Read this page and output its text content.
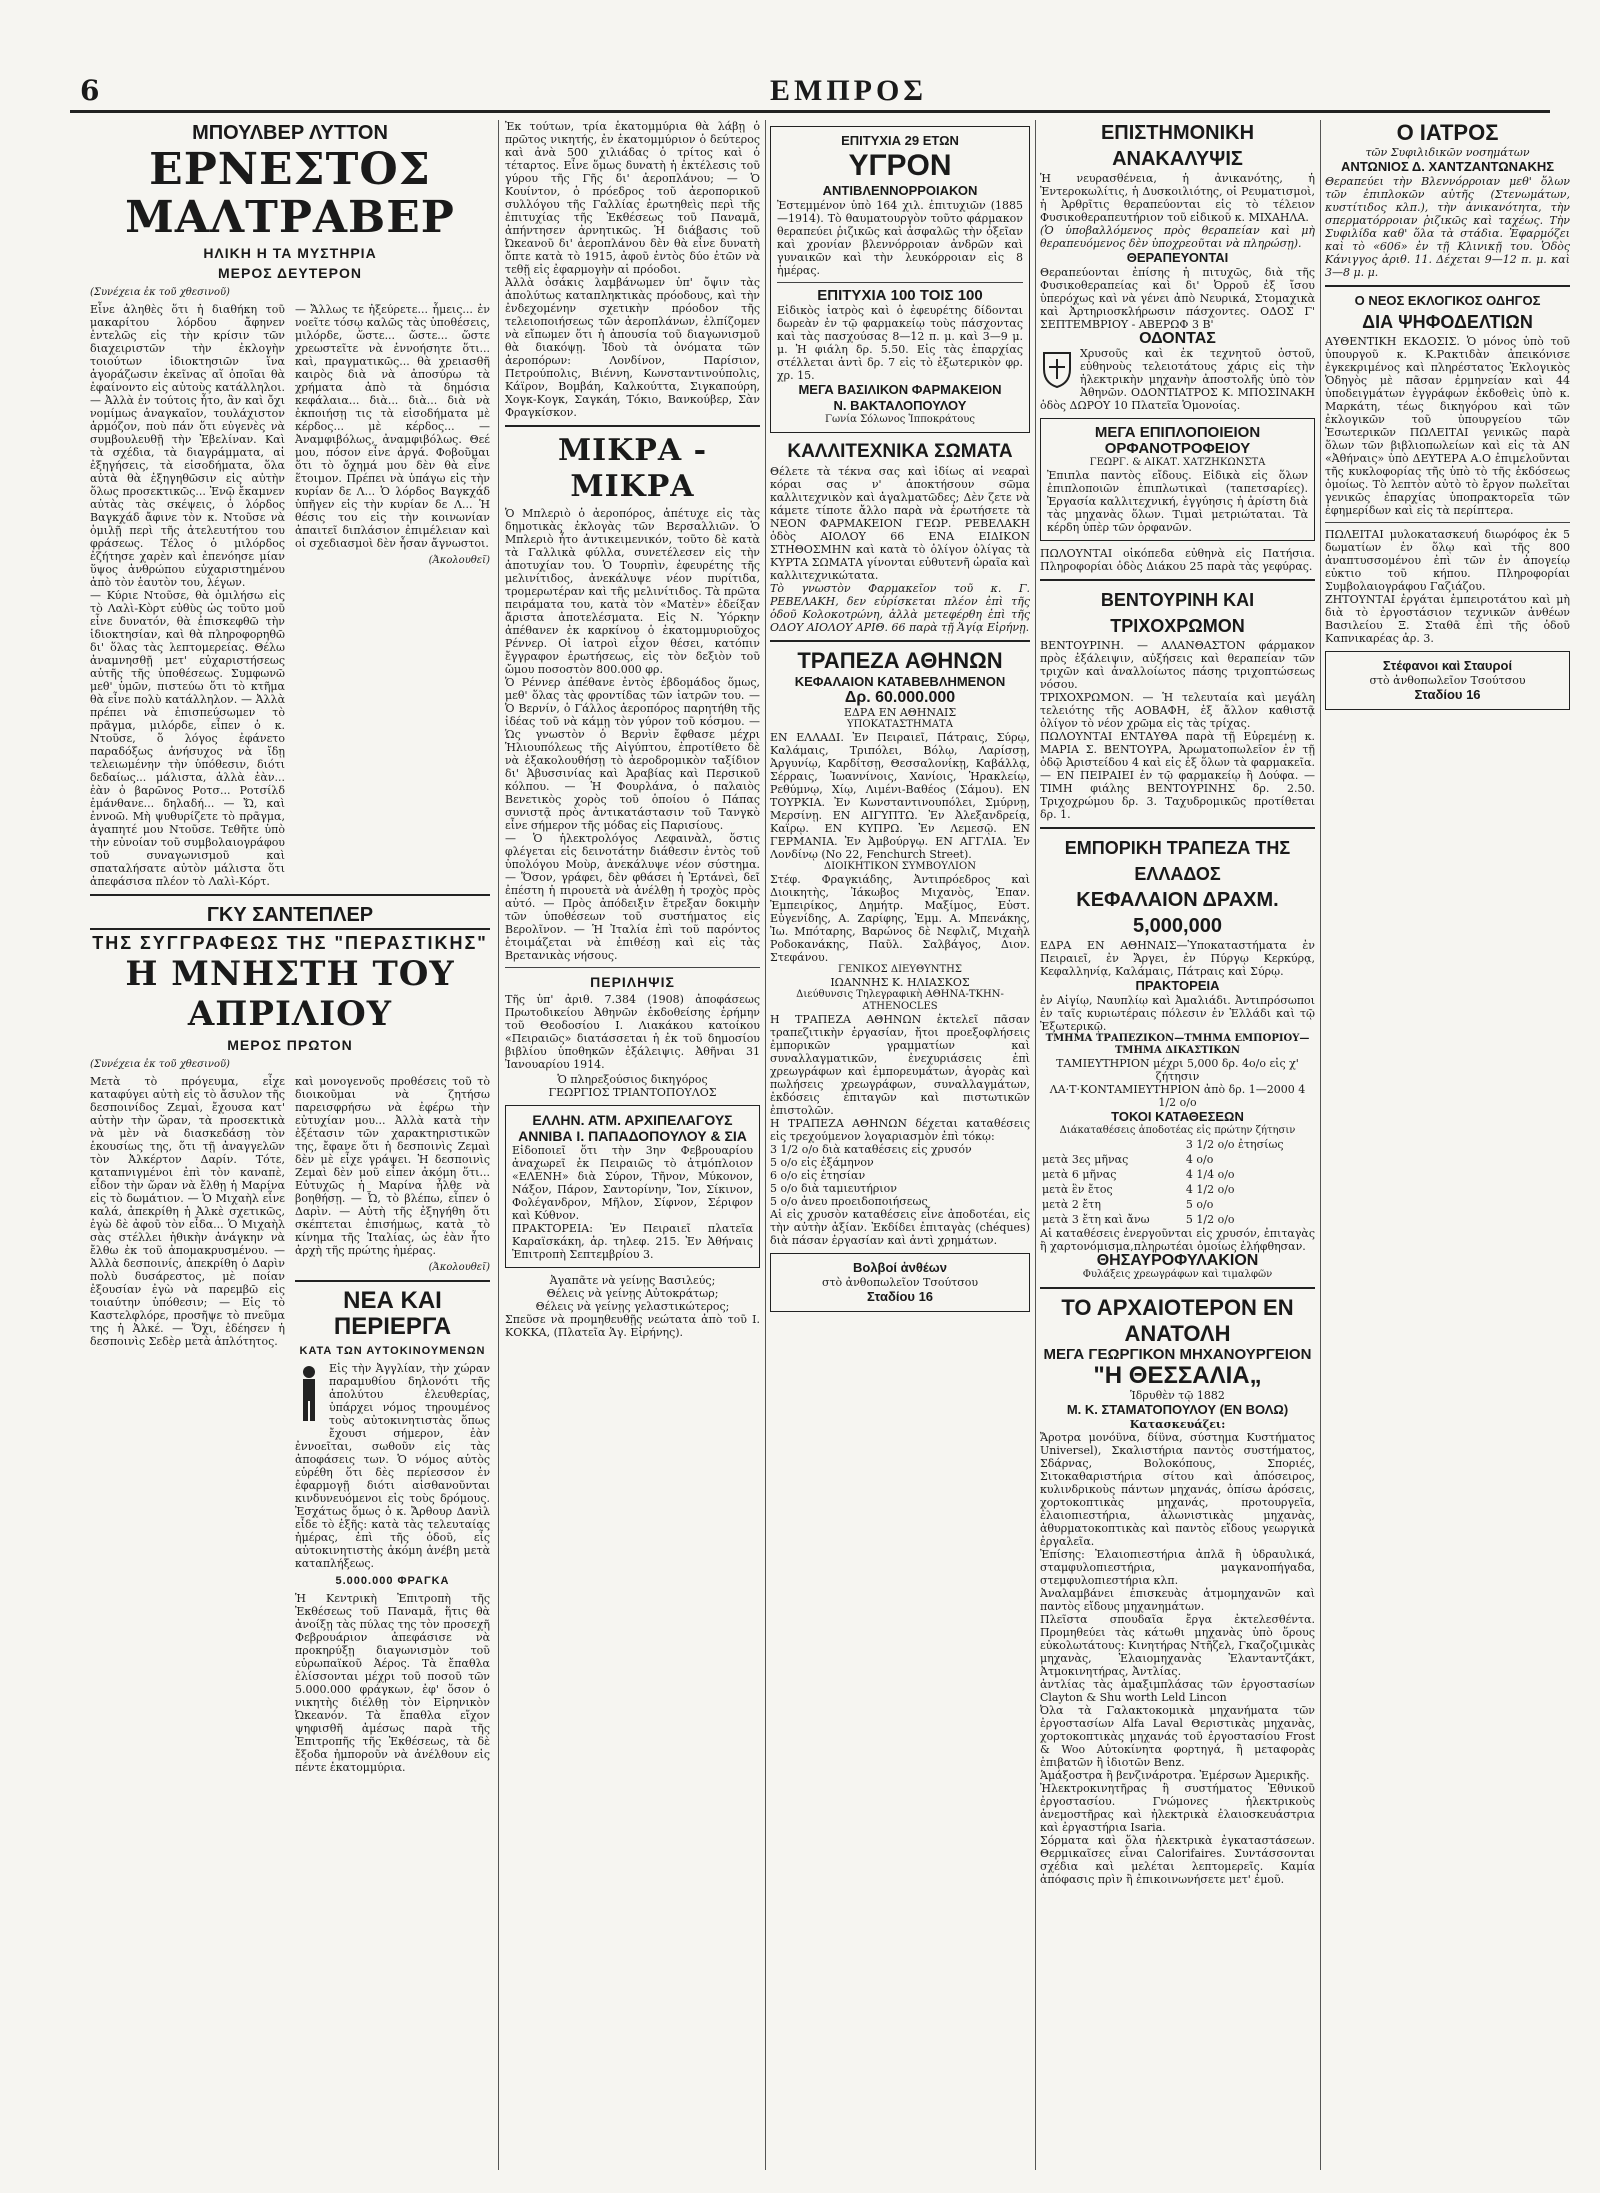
6	ΕΜΠΡΟΣ
ΜΠΟΥΛΒΕΡ ΛΥΤΤΟΝ
ΕΡΝΕΣΤΟΣ ΜΑΛΤΡΑΒΕΡ
ΗΛΙΚΗ Η ΤΑ ΜΥΣΤΗΡΙΑ
ΜΕΡΟΣ ΔΕΥΤΕΡΟΝ
(Συνέχεια ἐκ τοῦ χθεσινοῦ)

Εἶνε ἀληθὲς ὅτι ἡ διαθήκη τοῦ μακαρίτου λόρδου ἄφηνεν ἐντελῶς εἰς τὴν κρίσιν τῶν διαχειριστῶν τὴν ἐκλογὴν τοιούτων ἰδιοκτησιῶν ἵνα ἀγοράζωσιν ἐκεῖνας αἵ ὁποῖαι θὰ ἐφαίνοντο εἰς αὐτοὺς κατάλληλοι. — Ἀλλὰ ἐν τούτοις ἦτο, ἂν καὶ ὄχι νομίμως ἀναγκαῖον, τουλάχιστον ἁρμόζον, ποὺ πάν ὅτι εὐγενὲς νὰ συμβουλευθῇ τὴν Ἐβελίναν. Καὶ τὰ σχέδια, τὰ διαγράμματα, αἱ ἐξηγήσεις, τὰ εἰσοδήματα, ὅλα αὐτὰ θὰ ἐξηγηθῶσιν εἰς αὐτὴν ὅλως προσεκτικῶς... Ἐνῷ ἔκαμνεν αὐτὰς τὰς σκέψεις, ὁ λόρδος Βαγκχάδ ἄφινε τὸν κ. Ντοῦσε νὰ ὁμιλῇ περὶ τῆς ἀτελευτήτου του φράσεως. Τέλος ὁ μιλόρδος ἐζήτησε χαρὲν καὶ ἐπενόησε μίαν ὕψος ἀνθρώπου εὐχαριστημένου ἀπὸ τὸν ἑαυτὸν του, λέγων.

— Κύριε Ντοῦσε, θὰ ὁμιλήσω εἰς τὸ Λαλὶ-Κὸρτ εὐθὺς ὡς τοῦτο μοῦ εἶνε δυνατόν, θὰ ἐπισκεφθῶ τὴν ἰδιοκτησίαν, καὶ θὰ πληροφορηθῶ δι' ὅλας τὰς λεπτομερείας. Θέλω ἀναμνησθῇ μετ' εὐχαριστήσεως αὐτῆς τῆς ὑποθέσεως. Συμφωνῶ μεθ' ὑμῶν, πιστεύω ὅτι τὸ κτῆμα θὰ εἶνε πολὺ κατάλληλον. — Ἀλλὰ πρέπει νὰ ἐπισπεύσωμεν τὸ πρᾶγμα, μιλόρδε, εἶπεν ὁ κ. Ντοῦσε, ὅ λόγος ἐφάνετο παραδόξως ἀνήσυχος νὰ ἴδῃ τελειωμένην τὴν ὑπόθεσιν, διότι δεδαίως... μάλιστα, ἀλλὰ ἐὰν... ἐὰν ὁ βαρῶνος Ροτσ... Ροτσίλδ ἐμάνθανε... δηλαδή... — Ὤ, καὶ ἐννοῶ. Μὴ ψυθυρίζετε τὸ πρᾶγμα, ἀγαπητέ μου Ντοῦσε. Τεθῆτε ὑπὸ τὴν εὐνοίαν τοῦ συμβολαιογράφου τοῦ συναγωνισμοῦ καὶ σπαταλήσατε αὐτὸν μάλιστα ὅτι ἀπεφάσισα πλέον τὸ Λαλὶ-Κόρτ.

— Ἄλλως τε ἠξεύρετε... ἦμεις... ἐν νοεῖτε τόσῳ καλῶς τὰς ὑποθέσεις, μιλόρδε, ὥστε... ὥστε... ὥστε χρεωστεῖτε νὰ ἐννοήσητε ὅτι... καὶ, πραγματικῶς... θὰ χρειασθῆ καιρὸς διὰ νὰ ἀποσύρω τὰ χρήματα ἀπὸ τὰ δημόσια κεφάλαια... διὰ... διὰ... διὰ νὰ ἐκποιήσῃ τις τὰ εἰσοδήματα μὲ κέρδος... μὲ κέρδος... — Ἀναμφιβόλως, ἀναμφιβόλως. Θεέ μου, πόσον εἶνε ἀργά. Φοβοῦμαι ὅτι τὸ ὄχημά μου δὲν θὰ εἶνε ἕτοιμον. Πρέπει νὰ ὑπάγω εἰς τὴν κυρίαν δε Λ... Ὁ λόρδος Βαγκχάδ ὑπῆγεν εἰς τὴν κυρίαν δε Λ... Ἡ θέσις του εἰς τὴν κοινωνίαν ἀπαιτεῖ διπλάσιον ἐπιμέλειαν καὶ οἱ σχεδιασμοὶ δὲν ἦσαν ἄγνωστοι.

(Ἀκολουθεῖ)
ΓΚΥ ΣΑΝΤΕΠΛΕΡ
ΤΗΣ ΣΥΓΓΡΑΦΕΩΣ ΤΗΣ "ΠΕΡΑΣΤΙΚΗΣ"
Η ΜΝΗΣΤΗ ΤΟΥ ΑΠΡΙΛΙΟΥ
ΜΕΡΟΣ ΠΡΩΤΟΝ
(Συνέχεια ἐκ τοῦ χθεσινοῦ)

Μετὰ τὸ πρόγευμα, εἶχε καταφύγει αὐτὴ εἰς τὸ ἄσυλον τῆς δεσποινίδος Ζεμαὶ, ἔχουσα κατ' αὐτὴν τὴν ὥραν, τὰ προσεκτικὰ νὰ μὲν νὰ διασκεδάσῃ τὸν ἑκουσίως της, ὅτι τῇ ἀναγγελῶν τὸν Ἀλκέρτον Δαρίν. Τότε, καταπνιγμένοι ἐπὶ τὸν καναπὲ, εἶδον τὴν ὥραν νὰ ἔλθῃ ἡ Μαρίνα εἰς τὸ δωμάτιον. — Ὁ Μιχαὴλ εἶνε καλά, ἀπεκρίθη ἡ Ἀλκὲ σχετικῶς, ἐγὼ δὲ ἀφοῦ τὸν εἶδα... Ὁ Μιχαὴλ σὰς στέλλει ἠθικὴν ἀνάγκην νὰ ἔλθω ἐκ τοῦ ἀπομακρυσμένου. — Ἀλλὰ δεσποινίς, ἀπεκρίθη ὁ Δαρὶν πολὺ δυσάρεστος, μὲ ποίαν ἐξουσίαν ἐγὼ νὰ παρεμβῶ εἰς τοιαύτην ὑπόθεσιν; — Εἰς τὸ Καστελφλόρε, προσῆψε τὸ πνεῦμα της ἡ Ἀλκέ. — Ὄχι, ἐδέησεν ἡ δεσποινὶς Σεδὲρ μετὰ ἁπλότητος.

καὶ μονογενοῦς προθέσεις τοῦ τὸ διοικοῦμαι νὰ ζητήσω παρεισφρήσω νὰ ἐφέρω τὴν εὐτυχίαν μου... Ἀλλὰ κατὰ τὴν ἐξέτασιν τῶν χαρακτηριστικῶν της, ἔφανε ὅτι ἡ δεσποινὶς Ζεμαὶ δὲν μὲ εἶχε γράψει. Ἡ δεσποινὶς Ζεμαὶ δὲν μοῦ εἶπεν ἀκόμη ὅτι... Εὐτυχῶς ἡ Μαρίνα ἦλθε νὰ βοηθήσῃ. — Ὦ, τὸ βλέπω, εἶπεν ὁ Δαρὶν. — Αὐτὴ τῆς ἐξηγήθη ὅτι σκέπτεται ἐπισήμως, κατὰ τὸ κίνημα τῆς Ἱταλίας, ὡς ἐὰν ἦτο ἀρχὴ τῆς πρώτης ἡμέρας.

(Ἀκολουθεῖ)
ΝΕΑ ΚΑΙ ΠΕΡΙΕΡΓΑ
ΚΑΤΑ ΤΩΝ ΑΥΤΟΚΙΝΟΥΜΕΝΩΝ

Εἰς τὴν Ἀγγλίαν, τὴν χώραν παραμυθίου δηλονότι τῆς ἀπολύτου ἐλευθερίας, ὑπάρχει νόμος τηρουμένος τοὺς αὐτοκινητιστὰς ὅπως ἔχουσι σήμερον, ἐὰν ἐννοεῖται, σωθοῦν εἰς τὰς ἀποφάσεις των. Ὁ νόμος αὐτὸς εὑρέθη ὅτι δὲς περίεσσον ἐν ἐφαρμογῇ διότι αἰσθανοῦνται κινδυνευόμενοι εἰς τοὺς δρόμους. Ἐσχάτως ὅμως ὁ κ. Ἄρθουρ Δανὶλ εἶδε τὸ ἑξῆς: κατὰ τὰς τελευταίας ἡμέρας, ἐπὶ τῆς ὁδοῦ, εἷς αὐτοκινητιστὴς ἀκόμη ἀνέβη μετὰ καταπλήξεως.

5.000.000 ΦΡΑΓΚΑ

Ἡ Κεντρικὴ Ἐπιτροπὴ τῆς Ἐκθέσεως τοῦ Παναμᾶ, ἥτις θὰ ἀνοίξῃ τὰς πύλας της τὸν προσεχῆ Φεβρουάριον ἀπεφάσισε νὰ προκηρύξῃ διαγωνισμὸν τοῦ εὐρωπαϊκοῦ Ἀέρος. Τὰ ἔπαθλα ἐλίσσονται μέχρι τοῦ ποσοῦ τῶν 5.000.000 φράγκων, ἐφ' ὅσον ὁ νικητὴς διέλθῃ τὸν Εἰρηνικὸν Ὠκεανόν. Τὰ ἔπαθλα εἴχον ψηφισθῆ ἀμέσως παρὰ τῆς Ἐπιτροπῆς τῆς Ἐκθέσεως, τὰ δὲ ἔξοδα ἠμποροῦν νὰ ἀνέλθουν εἰς πέντε ἑκατομμύρια.

Ἐκ τούτων, τρία ἑκατομμύρια θὰ λάβῃ ὁ πρῶτος νικητής, ἐν ἑκατομμύριον ὁ δεύτερος καὶ ἀνὰ 500 χιλιάδας ὁ τρίτος καὶ ὁ τέταρτος. Εἶνε ὅμως δυνατὴ ἡ ἐκτέλεσις τοῦ γύρου τῆς Γῆς δι' ἀεροπλάνου; — Ὁ Κουίντον, ὁ πρόεδρος τοῦ ἀεροπορικοῦ συλλόγου τῆς Γαλλίας ἐρωτηθεὶς περὶ τῆς ἐπιτυχίας τῆς Ἐκθέσεως τοῦ Παναμᾶ, ἀπήντησεν ἀρνητικῶς. Ἡ διάβασις τοῦ Ὠκεανοῦ δι' ἀεροπλάνου δὲν θὰ εἶνε δυνατὴ ὄπτε κατὰ τὸ 1915, ἀφοῦ ἐντὸς δύο ἐτῶν νὰ τεθῇ εἰς ἐφαρμογὴν αἱ πρόοδοι.

Ἀλλὰ ὁσάκις λαμβάνωμεν ὑπ' ὄψιν τὰς ἀπολύτως καταπληκτικὰς πρόοδους, καὶ τὴν ἐνδεχομένην σχετικὴν πρόοδον τῆς τελειοποιήσεως τῶν ἀεροπλάνων, ἐλπίζομεν νὰ εἴπωμεν ὅτι ἡ ἀπουσία τοῦ διαγωνισμοῦ θὰ διακόψῃ. Ἰδοὺ τὰ ὀνόματα τῶν ἀεροπόρων: Λονδίνον, Παρίσιον, Πετρούπολις, Βιέννη, Κωνσταντινούπολις, Κάϊρον, Βομβάη, Καλκούττα, Σιγκαπούρη, Χογκ-Κογκ, Σαγκάη, Τόκιο, Βανκούβερ, Σὰν Φραγκίσκον.

ΜΙΚΡΑ - ΜΙΚΡΑ

Ὁ Μπλεριὸ ὁ ἀεροπόρος, ἀπέτυχε εἰς τὰς δημοτικὰς ἐκλογὰς τῶν Βερσαλλιῶν. Ὁ Μπλεριὸ ἦτο ἀντικειμενικόν, τοῦτο δὲ κατὰ τὰ Γαλλικὰ φύλλα, συνετέλεσεν εἰς τὴν ἀποτυχίαν του. Ὁ Τουρπὶν, ἐφευρέτης τῆς μελινίτιδος, ἀνεκάλυψε νέον πυρίτιδα, τρομερωτέραν καὶ τῆς μελινίτιδος. Τὰ πρῶτα πειράματα του, κατὰ τὸν «Ματὲν» ἐδείξαν ἄριστα ἀποτελέσματα. Εἰς Ν. Ὑόρκην ἀπέθανεν ἐκ καρκίνου ὁ ἑκατομμυριοῦχος Ρέννερ. Οἱ ἰατροὶ εἶχον θέσει, κατόπιν ἔγγραφον ἐρωτήσεως, εἰς τὸν δεξιὸν τοῦ ὤμου ποσοστὸν 800.000 φρ.

Ὁ Ρέννερ ἀπέθανε ἐντὸς ἑβδομάδος ὅμως, μεθ' ὅλας τὰς φροντίδας τῶν ἰατρῶν του. — Ὁ Βερνίν, ὁ Γάλλος ἀεροπόρος παρητήθη τῆς ἰδέας τοῦ νὰ κάμῃ τὸν γύρον τοῦ κόσμου. — Ὡς γνωστὸν ὁ Βερνὶν ἔφθασε μέχρι Ἡλιουπόλεως τῆς Αἰγύπτου, ἐπροτίθετο δὲ νὰ ἐξακολουθήσῃ τὸ ἀεροδρομικὸν ταξίδιον δι' Ἀβυσσινίας καὶ Ἀραβίας καὶ Περσικοῦ κόλπου. — Ἡ Φουρλάνα, ὁ παλαιὸς Βενετικὸς χορὸς τοῦ ὁποίου ὁ Πάπας συνιστᾷ πρὸς ἀντικατάστασιν τοῦ Τανγκὸ εἶνε σήμερον τῆς μόδας εἰς Παρισίους.

— Ὁ ἠλεκτρολόγος Λεφαινὰλ, ὅστις φλέγεται εἰς δεινοτάτην διάθεσιν ἐντὸς τοῦ ὑπολόγου Μοὺρ, ἀνεκάλυψε νέον σύστημα. — Ὅσον, γράφει, δὲν φθάσει ἡ Ἐρτάνεὶ, δεῖ ἐπέστη ἡ πιρουετὰ νὰ ἀνέλθῃ ἡ τροχὸς πρὸς αὐτό. — Πρὸς ἀπόδειξιν ἔτρεξαν δοκιμὴν τῶν ὑποθέσεων τοῦ συστήματος εἰς Βερολῖνον. — Ἡ Ἰταλία ἐπὶ τοῦ παρόντος ἐτοιμάζεται νὰ ἐπιθέσῃ καὶ εἰς τὰς Βρετανικὰς νήσους.

ΠΕΡΙΛΗΨΙΣ

Τῆς ὑπ' ἀριθ. 7.384 (1908) ἀποφάσεως Πρωτοδικείου Ἀθηνῶν ἐκδοθείσης ἐρήμην τοῦ Θεοδοσίου Ι. Λιακάκου κατοίκου «Πειραιῶς» διατάσσεται ἡ ἐκ τοῦ δημοσίου βιβλίου ὑποθηκῶν ἐξάλειψις. Ἀθῆναι 31 Ἰανουαρίου 1914.

Ὁ πληρεξούσιος δικηγόρος
ΓΕΩΡΓΙΟΣ ΤΡΙΑΝΤΟΠΟΥΛΟΣ

ΕΛΛΗΝ. ΑΤΜ. ΑΡΧΙΠΕΛΑΓΟΥΣ
ΑΝΝΙΒΑ Ι. ΠΑΠΑΔΟΠΟΥΛΟΥ & ΣΙΑ

Εἰδοποιεῖ ὅτι τὴν 3ην Φεβρουαρίου ἀναχωρεῖ ἐκ Πειραιῶς τὸ ἀτμόπλοιον «ΕΛΕΝΗ» διὰ Σύρον, Τῆνον, Μύκονον, Νάξον, Πάρον, Σαντορίνην, Ἴον, Σίκινον, Φολέγανδρον, Μῆλον, Σίφνον, Σέριφον καὶ Κύθνον.

ΠΡΑΚΤΟΡΕΙΑ: Ἐν Πειραιεῖ πλατεῖα Καραϊσκάκη, ἀρ. τηλεφ. 215. Ἐν Ἀθήναις Ἐπιτροπὴ Σεπτεμβρίου 3.

Ἀγαπᾶτε νὰ γείνῃς Βασιλεύς;
Θέλεις νὰ γείνῃς Αὐτοκράτωρ;
Θέλεις νὰ γείνῃς γελαστικώτερος;

Σπεῦσε νὰ προμηθευθῇς νεώτατα ἀπὸ τοῦ Ι. ΚΟΚΚΑ, (Πλατεῖα Ἁγ. Εἰρήνης).

ΕΠΙΤΥΧΙΑ 29 ΕΤΩΝ
ΥΓΡΟΝ
ΑΝΤΙΒΛΕΝΝΟΡΡΟΙΑΚΟΝ

Ἐστεμμένον ὑπὸ 164 χιλ. ἐπιτυχιῶν (1885—1914). Τὸ θαυματουργὸν τοῦτο φάρμακον θεραπεύει ῥιζικῶς καὶ ἀσφαλῶς τὴν ὀξεῖαν καὶ χρονίαν βλεννόρροιαν ἀνδρῶν καὶ γυναικῶν καὶ τὴν λευκόρροιαν εἰς 8 ἡμέρας.

ΕΠΙΤΥΧΙΑ 100 ΤΟΙΣ 100

Εἰδικὸς ἰατρὸς καὶ ὁ ἐφευρέτης δίδονται δωρεὰν ἐν τῷ φαρμακείῳ τοὺς πάσχοντας καὶ τὰς πασχούσας 8—12 π. μ. καὶ 3—9 μ. μ. Ἡ φιάλη δρ. 5.50. Εἰς τὰς ἐπαρχίας στέλλεται ἀντὶ δρ. 7 εἰς τὸ ἐξωτερικὸν φρ. χρ. 15.

ΜΕΓΑ ΒΑΣΙΛΙΚΟΝ ΦΑΡΜΑΚΕΙΟΝ
Ν. ΒΑΚΤΑΛΟΠΟΥΛΟΥ
Γωνία Σόλωνος Ἱπποκράτους
ΚΑΛΛΙΤΕΧΝΙΚΑ ΣΩΜΑΤΑ

Θέλετε τὰ τέκνα σας καὶ ἰδίως αἱ νεαραὶ κόραι σας ν' ἀποκτήσουν σῶμα καλλιτεχνικὸν καὶ ἀγαλματῶδες; Δὲν ζετε νὰ κάμετε τίποτε ἄλλο παρὰ νὰ ἐρωτήσετε τὰ ΝΕΟΝ ΦΑΡΜΑΚΕΙΟΝ ΓΕΩΡ. ΡΕΒΕΛΑΚΗ ὁδὸς ΑΙΟΛΟΥ 66 ΕΝΑ ΕΙΔΙΚΟΝ ΣΤΗΘΟΣΜΗΝ καὶ κατὰ τὸ ὀλίγον ὀλίγας τὰ ΚΥΡΤΑ ΣΩΜΑΤΑ γίνονται εὐθυτενῆ ὡραῖα καὶ καλλιτεχνικώτατα.

Τὸ γνωστὸν Φαρμακεῖον τοῦ κ. Γ. ΡΕΒΕΛΑΚΗ, δεν εὑρίσκεται πλέον ἐπὶ τῆς ὁδοῦ Κολοκοτρώνη, ἀλλὰ μετεφέρθη ἐπὶ τῆς ΟΔΟΥ ΑΙΟΛΟΥ ΑΡΙΘ. 66 παρὰ τῇ Ἁγίᾳ Εἰρήνῃ.

ΤΡΑΠΕΖΑ ΑΘΗΝΩΝ
ΚΕΦΑΛΑΙΟΝ ΚΑΤΑΒΕΒΛΗΜΕΝΟΝ
Δρ. 60.000.000
ΕΔΡΑ ΕΝ ΑΘΗΝΑΙΣ
ΥΠΟΚΑΤΑΣΤΗΜΑΤΑ

ΕΝ ΕΛΛΑΔΙ. Ἐν Πειραιεῖ, Πάτραις, Σύρῳ, Καλάμαις, Τριπόλει, Βόλῳ, Λαρίσσῃ, Ἀργυνίῳ, Καρδίτσῃ, Θεσσαλονίκῃ, Καβάλλᾳ, Σέρραις, Ἰωαννίνοις, Χανίοις, Ἡρακλείῳ, Ρεθύμνῳ, Χίῳ, Λιμένι-Βαθέος (Σάμου). ΕΝ ΤΟΥΡΚΙΑ. Ἐν Κωνσταντινουπόλει, Σμύρνῃ, Μερσίνῃ. ΕΝ ΑΙΓΥΠΤΩ. Ἐν Ἀλεξανδρείᾳ, Καΐρῳ. ΕΝ ΚΥΠΡΩ. Ἐν Λεμεσῷ. ΕΝ ΓΕΡΜΑΝΙΑ. Ἐν Ἀμβούργῳ. ΕΝ ΑΓΓΛΙΑ. Ἐν Λονδίνῳ (No 22, Fenchurch Street).

ΔΙΟΙΚΗΤΙΚΟΝ ΣΥΜΒΟΥΛΙΟΝ

Στέφ. Φραγκιάδης, Ἀντιπρόεδρος καὶ Διοικητὴς, Ἰάκωβος Μιχανὸς, Ἐπαν. Ἐμπειρίκος, Δημήτρ. Μαξίμος, Εὐστ. Εὐγενίδης, Α. Ζαρίφης, Ἐμμ. Α. Μπενάκης, Ἰω. Μπόταρης, Βαρώνος δὲ Νεφλιζ, Μιχαὴλ Ροδοκανάκης, Παῦλ. Σαλβάγος, Διον. Στεφάνου.

ΓΕΝΙΚΟΣ ΔΙΕΥΘΥΝΤΗΣ
ΙΩΑΝΝΗΣ Κ. ΗΛΙΑΣΚΟΣ
Διεύθυνσις Τηλεγραφικὴ ΑΘΗΝΑ-ΤΚΗΝ-ΑΤΗΕΝΟCLES

Η ΤΡΑΠΕΖΑ ΑΘΗΝΩΝ ἐκτελεῖ πᾶσαν τραπεζιτικὴν ἐργασίαν, ἤτοι προεξοφλήσεις ἐμπορικῶν γραμματίων καὶ συναλλαγματικῶν, ἐνεχυριάσεις ἐπὶ χρεωγράφων καὶ ἐμπορευμάτων, ἀγορὰς καὶ πωλήσεις χρεωγράφων, συναλλαγμάτων, ἐκδόσεις ἐπιταγῶν καὶ πιστωτικῶν ἐπιστολῶν.

Η ΤΡΑΠΕΖΑ ΑΘΗΝΩΝ δέχεται καταθέσεις εἰς τρεχούμενον λογαριασμὸν ἐπὶ τόκῳ:

3 1/2 ο/ο διὰ καταθέσεις εἰς χρυσόν
5 ο/ο εἰς ἐξάμηνον
6 ο/ο εἰς ἐτησίαν
5 ο/ο διὰ ταμιευτήριον
5 ο/ο ἀνευ προειδοποιήσεως

Αἱ εἰς χρυσὸν καταθέσεις εἶνε ἀποδοτέαι, εἰς τὴν αὐτὴν ἀξίαν. Ἐκδίδει ἐπιταγὰς (chéques) διὰ πάσαν ἐργασίαν καὶ ἀντὶ χρημάτων.

Βολβοί ἀνθέων
στὸ ἀνθοπωλεῖον Τσούτσου
Σταδίου 16
ΕΠΙΣΤΗΜΟΝΙΚΗ ΑΝΑΚΑΛΥΨΙΣ

Ἡ νευρασθένεια, ἡ ἀνικανότης, ἡ Ἐντεροκωλίτις, ἡ Δυσκοιλιότης, οἱ Ρευματισμοὶ, ἡ Ἀρθρῖτις θεραπεύονται εἰς τὸ τέλειον Φυσικοθεραπευτήριον τοῦ εἰδικοῦ κ. ΜΙΧΑΗΛΑ.

(Ὁ ὑποβαλλόμενος πρὸς θεραπείαν καὶ μὴ θεραπευόμενος δὲν ὑποχρεοῦται νὰ πληρώσῃ).

ΘΕΡΑΠΕΥΟΝΤΑΙ

Θεραπεύονται ἐπίσης ἡ πιτυχῶς, διὰ τῆς Φυσικοθεραπείας καὶ δι' Ὀρροῦ ἐξ ἴσου ὑπερόχως καὶ νὰ γένει ἀπὸ Νευρικά, Στομαχικὰ καὶ Ἀρτηριοσκλήρωσιν πάσχοντες. ΟΔΟΣ Γ' ΣΕΠΤΕΜΒΡΙΟΥ - ΑΒΕΡΩΦ 3 Β'

ΟΔΟΝΤΑΣ

Χρυσοῦς καὶ ἐκ τεχνητοῦ ὀστοῦ, εὐθηνοὺς τελειοτάτους χάρις εἰς τὴν ἠλεκτρικὴν μηχανὴν ἀποστολῆς ὑπὸ τὸν Ἀθηνῶν. ΟΔΟΝΤΙΑΤΡΟΣ Κ. ΜΠΟΣΙΝΑΚΗ ὁδὸς ΔΩΡΟΥ 10 Πλατεῖα Ὁμονοίας.

ΜΕΓΑ ΕΠΙΠΛΟΠΟΙΕΙΟΝ
ΟΡΦΑΝΟΤΡΟΦΕΙΟΥ
ΓΕΩΡΓ. & ΑΙΚΑΤ. ΧΑΤΖΗΚΩΝΣΤΑ

Ἐπιπλα παντὸς εἴδους. Εἰδικὰ εἰς ὅλων ἐπιπλοποιῶν ἐπιπλωτικαὶ (ταπετσαρίες). Ἐργασία καλλιτεχνική, ἐγγύησις ἡ ἀρίστη διὰ τὰς μηχανὰς ὅλων. Τιμαὶ μετριώταται. Τὰ κέρδη ὑπὲρ τῶν ὀρφανῶν.

ΠΩΛΟΥΝΤΑΙ οἰκόπεδα εὐθηνὰ εἰς Πατήσια. Πληροφορίαι ὁδὸς Διάκου 25 παρὰ τὰς γεφύρας.

ΒΕΝΤΟΥΡΙΝΗ ΚΑΙ ΤΡΙΧΟΧΡΩΜΟΝ

ΒΕΝΤΟΥΡΙΝΗ. — ΑΛΑΝΘΑΣΤΟΝ φάρμακον πρὸς ἐξάλειψιν, αὐξήσεις καὶ θεραπείαν τῶν τριχῶν καὶ ἀναλλοίωτος πάσης τριχοπτώσεως νόσου.

ΤΡΙΧΟΧΡΩΜΟΝ. — Ἡ τελευταία καὶ μεγάλη τελειότης τῆς ΑΟΒΑΦΗ, ἐξ ἄλλον καθιστᾷ ὀλίγον τὸ νέον χρῶμα εἰς τὰς τρίχας.

ΠΩΛΟΥΝΤΑΙ ΕΝΤΑΥΘΑ παρὰ τῇ Εὐρεμένῃ κ. ΜΑΡΙΑ Σ. ΒΕΝΤΟΥΡΑ, Ἀρωματοπωλεῖον ἐν τῇ ὁδῷ Ἀριστείδου 4 καὶ εἰς ἐξ ὅλων τὰ φαρμακεῖα. — ΕΝ ΠΕΙΡΑΙΕΙ ἐν τῷ φαρμακείῳ ἢ Δούφα. — ΤΙΜΗ φιάλης ΒΕΝΤΟΥΡΙΝΗΣ δρ. 2.50. Τριχοχρώμου δρ. 3. Ταχυδρομικῶς προτίθεται δρ. 1.

ΕΜΠΟΡΙΚΗ ΤΡΑΠΕΖΑ ΤΗΣ ΕΛΛΑΔΟΣ
ΚΕΦΑΛΑΙΟΝ ΔΡΑΧΜ. 5,000,000

ΕΔΡΑ ΕΝ ΑΘΗΝΑΙΣ—Ὑποκαταστήματα ἐν Πειραιεῖ, ἐν Ἄργει, ἐν Πύργῳ Κερκύρᾳ, Κεφαλληνίᾳ, Καλάμαις, Πάτραις καὶ Σύρῳ.

ΠΡΑΚΤΟΡΕΙΑ

ἐν Αἰγίῳ, Ναυπλίῳ καὶ Ἀμαλιάδι. Ἀντιπρόσωποι ἐν ταῖς κυριωτέραις πόλεσιν ἐν Ἑλλάδι καὶ τῷ Ἐξωτερικῷ.

ΤΜΗΜΑ ΤΡΑΠΕΖΙΚΟΝ—ΤΜΗΜΑ ΕΜΠΟΡΙΟΥ—ΤΜΗΜΑ ΔΙΚΑΣΤΙΚΩΝ
ΤΑΜΙΕΥΤΗΡΙΟΝ μέχρι 5,000 δρ. 4ο/ο εἰς χ' ζήτησιν
ΛΑ·Τ·ΚΟΝΤΑΜΙΕΥΤΗΡΙΟΝ ἀπὸ δρ. 1—2000 4 1/2 ο/ο
ΤΟΚΟΙ ΚΑΤΑΘΕΣΕΩΝ
Διάκαταθέσεις ἀποδοτέας εἰς πρώτην ζήτησιν
	3 1/2 ο/ο ἐτησίως
μετὰ 3ες μῆνας	4 ο/ο
μετὰ 6 μῆνας	4 1/4 ο/ο
μετὰ ἓν ἔτος	4 1/2 ο/ο
μετὰ 2 ἔτη	5 ο/ο
μετὰ 3 ἔτη καὶ ἄνω	5 1/2 ο/ο

Αἱ καταθέσεις ἐνεργοῦνται εἰς χρυσόν, ἐπιταγὰς ἢ χαρτονόμισμα,πληρωτέαι ὁμοίως ἐλήφθησαν.

ΘΗΣΑΥΡΟΦΥΛΑΚΙΟΝ
Φυλάξεις χρεωγράφων καὶ τιμαλφῶν
ΤΟ ΑΡΧΑΙΟΤΕΡΟΝ ΕΝ ΑΝΑΤΟΛΗ
ΜΕΓΑ ΓΕΩΡΓΙΚΟΝ ΜΗΧΑΝΟΥΡΓΕΙΟΝ
"Η ΘΕΣΣΑΛΙΑ„
Ἱδρυθὲν τῷ 1882
Μ. Κ. ΣΤΑΜΑΤΟΠΟΥΛΟΥ (ΕΝ ΒΟΛΩ)
Κατασκευάζει:

Ἄροτρα μονόϋνα, δίϋνα, σύστημα Κυστήματος Universel), Σκαλιστήρια παντὸς συστήματος, Σδάρνας, Βολοκόπους, Σποριές, Σιτοκαθαριστήρια σίτου καὶ ἀπόσειρος, κυλινδρικοὺς πάντων μηχανάς, ὀπίσω ἀρόσεις, χορτοκοπτικὰς μηχανάς, προτουργεῖα, ἐλαιοπιεστήρια, ἀλωνιστικὰς μηχανὰς, ἀθυρματοκοπτικὰς καὶ παντὸς εἴδους γεωργικὰ ἐργαλεῖα.

Ἐπίσης: Ἐλαιοπιεστήρια ἀπλᾶ ἢ ὑδραυλικά, σταμφυλοπιεστήρια, μαγκανοπήγαδα, στεμφυλοπιεστήρια κλπ.

Ἀναλαμβάνει ἐπισκευὰς ἀτμομηχανῶν καὶ παντὸς εἴδους μηχανημάτων.

Πλεῖστα σπουδαῖα ἔργα ἐκτελεσθέντα. Προμηθεύει τὰς κάτωθι μηχανὰς ὑπὸ ὅρους εὐκολωτάτους: Κινητήρας Ντῆζελ, Γκαζοζιμικὰς μηχανὰς, Ἐλαιομηχανὰς Ἐλανταντζάκτ, Ἀτμοκινητήρας, Ἀντλίας.

ἀντλίας τὰς ἀμαξιμπλάσας τῶν ἐργοστασίων Clayton & Shu worth Leld Lincon

Ὀλα τὰ Γαλακτοκομικὰ μηχανήματα τῶν ἐργοστασίων Alfa Laval Θεριστικὰς μηχανὰς, χορτοκοπτικὰς μηχανάς τοῦ ἐργοστασίου Frost & Woo Αὐτοκίνητα φορτηγά, ἢ μεταφορὰς ἐπιβατῶν ἢ ἰδιοτῶν Benz.

Ἁμάξοστρα ἢ βενζινάροτρα. Ἐμέρσων Ἀμερικῆς.

Ἠλεκτροκινητῆρας ἢ συστήματος Ἐθνικοῦ ἐργοστασίου. Γνώμονες ἠλεκτρικοὺς ἀνεμοστῆρας καὶ ἠλεκτρικὰ ἐλαιοσκευάστρια καὶ ἐργαστήρια Isaria.

Σόρματα καὶ ὅλα ἠλεκτρικὰ ἐγκαταστάσεων. Θερμικαῖσες εἶναι Calorifaires. Συντάσσονται σχέδια καὶ μελέται λεπτομερεῖς. Καμία ἀπόφασις πρὶν ἢ ἐπικοινωνήσετε μετ' ἐμοῦ.

Ο ΙΑΤΡΟΣ
τῶν Συφιλιδικῶν νοσημάτων
ΑΝΤΩΝΙΟΣ Δ. ΧΑΝΤΖΑΝΤΩΝΑΚΗΣ

Θεραπεύει τὴν Βλεννόρροιαν μεθ' ὅλων τῶν ἐπιπλοκῶν αὐτῆς (Στενωμάτων, κυστίτιδος κλπ.), τὴν ἀνικανότητα, τὴν σπερματόρροιαν ῥιζικῶς καὶ ταχέως. Τὴν Συφιλίδα καθ' ὅλα τὰ στάδια. Ἐφαρμόζει καὶ τὸ «606» ἐν τῇ Κλινικῇ του. Ὁδὸς Κάνιγγος ἀριθ. 11. Δέχεται 9—12 π. μ. καὶ 3—8 μ. μ.

Ο ΝΕΟΣ ΕΚΛΟΓΙΚΟΣ ΟΔΗΓΟΣ
ΔΙΑ ΨΗΦΟΔΕΛΤΙΩΝ

ΑΥΘΕΝΤΙΚΗ ΕΚΔΟΣΙΣ. Ὁ μόνος ὑπὸ τοῦ ὑπουργοῦ κ. Κ.Ρακτιδὰν ἀπεικόνισε ἐγκεκριμένος καὶ πληρέστατος Ἐκλογικὸς Ὁδηγὸς μὲ πᾶσαν ἐρμηνείαν καὶ 44 ὑποδειγμάτων ἐγγράφων ἐκδοθεὶς ὑπὸ κ. Μαρκάτη, τέως δικηγόρου καὶ τῶν ἐκλογικῶν τοῦ ὑπουργείου τῶν Ἐσωτερικῶν ΠΩΛΕΙΤΑΙ γενικῶς παρὰ ὅλων τῶν βιβλιοπωλείων καὶ εἰς τὰ ΑΝ «Ἀθήναις» ὑπὸ ΔΕΥΤΕΡΑ Α.Ο ἐπιμελοῦνται τῆς κυκλοφορίας τῆς ὑπὸ τὸ τῆς ἐκδόσεως ὁμοίως. Τὸ λεπτὸν αὐτὸ τὸ ἔργον πωλεῖται γενικῶς ἐπαρχίας ὑποπρακτορεῖα τῶν ἐφημερίδων καὶ εἰς τὰ περίπτερα.

ΠΩΛΕΙΤΑΙ μυλοκατασκευή διωρόφος ἐκ 5 δωματίων ἐν ὅλῳ καὶ τῆς 800 ἀναπτυσσομένου ἐπὶ τῶν ἐν ἀπογείῳ εὐκτιο τοῦ κήπου. Πληροφορίαι Συμβολαιογράφου Γαζιάζου.

ΖΗΤΟΥΝΤΑΙ ἐργάται ἐμπειροτάτου καὶ μὴ διὰ τὸ ἐργοστάσιον τεχνικῶν ἀνθέων Βασιλείου Ξ. Σταθᾶ ἐπὶ τῆς ὁδοῦ Καπνικαρέας ἀρ. 3.

Στέφανοι καὶ Σταυροί
στὸ ἀνθοπωλεῖον Τσούτσου
Σταδίου 16
